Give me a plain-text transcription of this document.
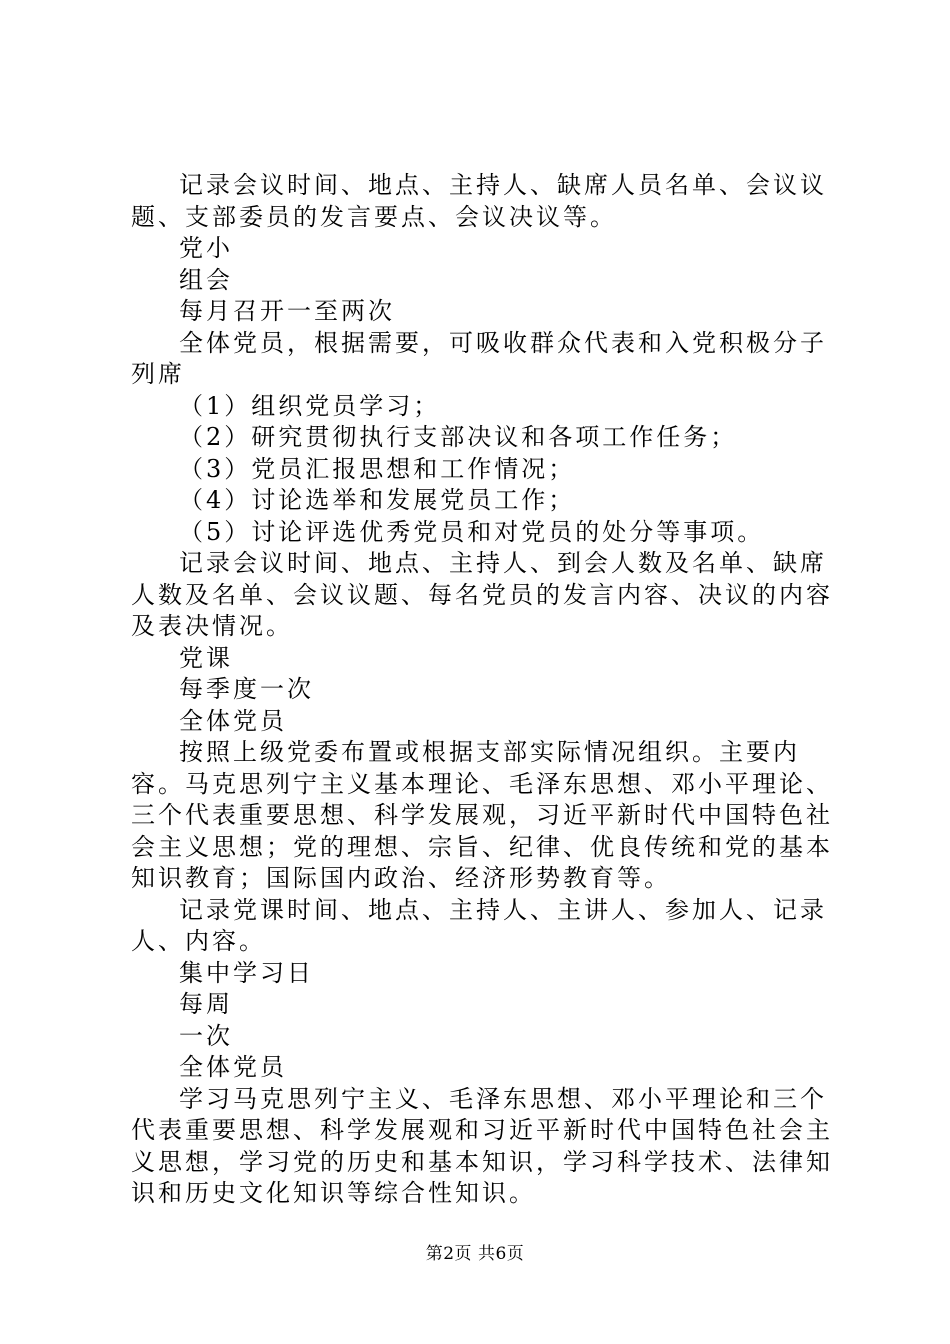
记录会议时间、地点、主持人、缺席人员名单、会议议题、支部委员的发言要点、会议决议等。

党小

组会

每月召开一至两次

全体党员，根据需要，可吸收群众代表和入党积极分子列席

（1）组织党员学习；

（2）研究贯彻执行支部决议和各项工作任务；

（3）党员汇报思想和工作情况；

（4）讨论选举和发展党员工作；

（5）讨论评选优秀党员和对党员的处分等事项。

记录会议时间、地点、主持人、到会人数及名单、缺席人数及名单、会议议题、每名党员的发言内容、决议的内容及表决情况。

党课

每季度一次

全体党员

按照上级党委布置或根据支部实际情况组织。主要内容。马克思列宁主义基本理论、毛泽东思想、邓小平理论、三个代表重要思想、科学发展观，习近平新时代中国特色社会主义思想；党的理想、宗旨、纪律、优良传统和党的基本知识教育；国际国内政治、经济形势教育等。

记录党课时间、地点、主持人、主讲人、参加人、记录人、内容。

集中学习日

每周

一次

全体党员

学习马克思列宁主义、毛泽东思想、邓小平理论和三个代表重要思想、科学发展观和习近平新时代中国特色社会主义思想，学习党的历史和基本知识，学习科学技术、法律知识和历史文化知识等综合性知识。

第2页 共6页
